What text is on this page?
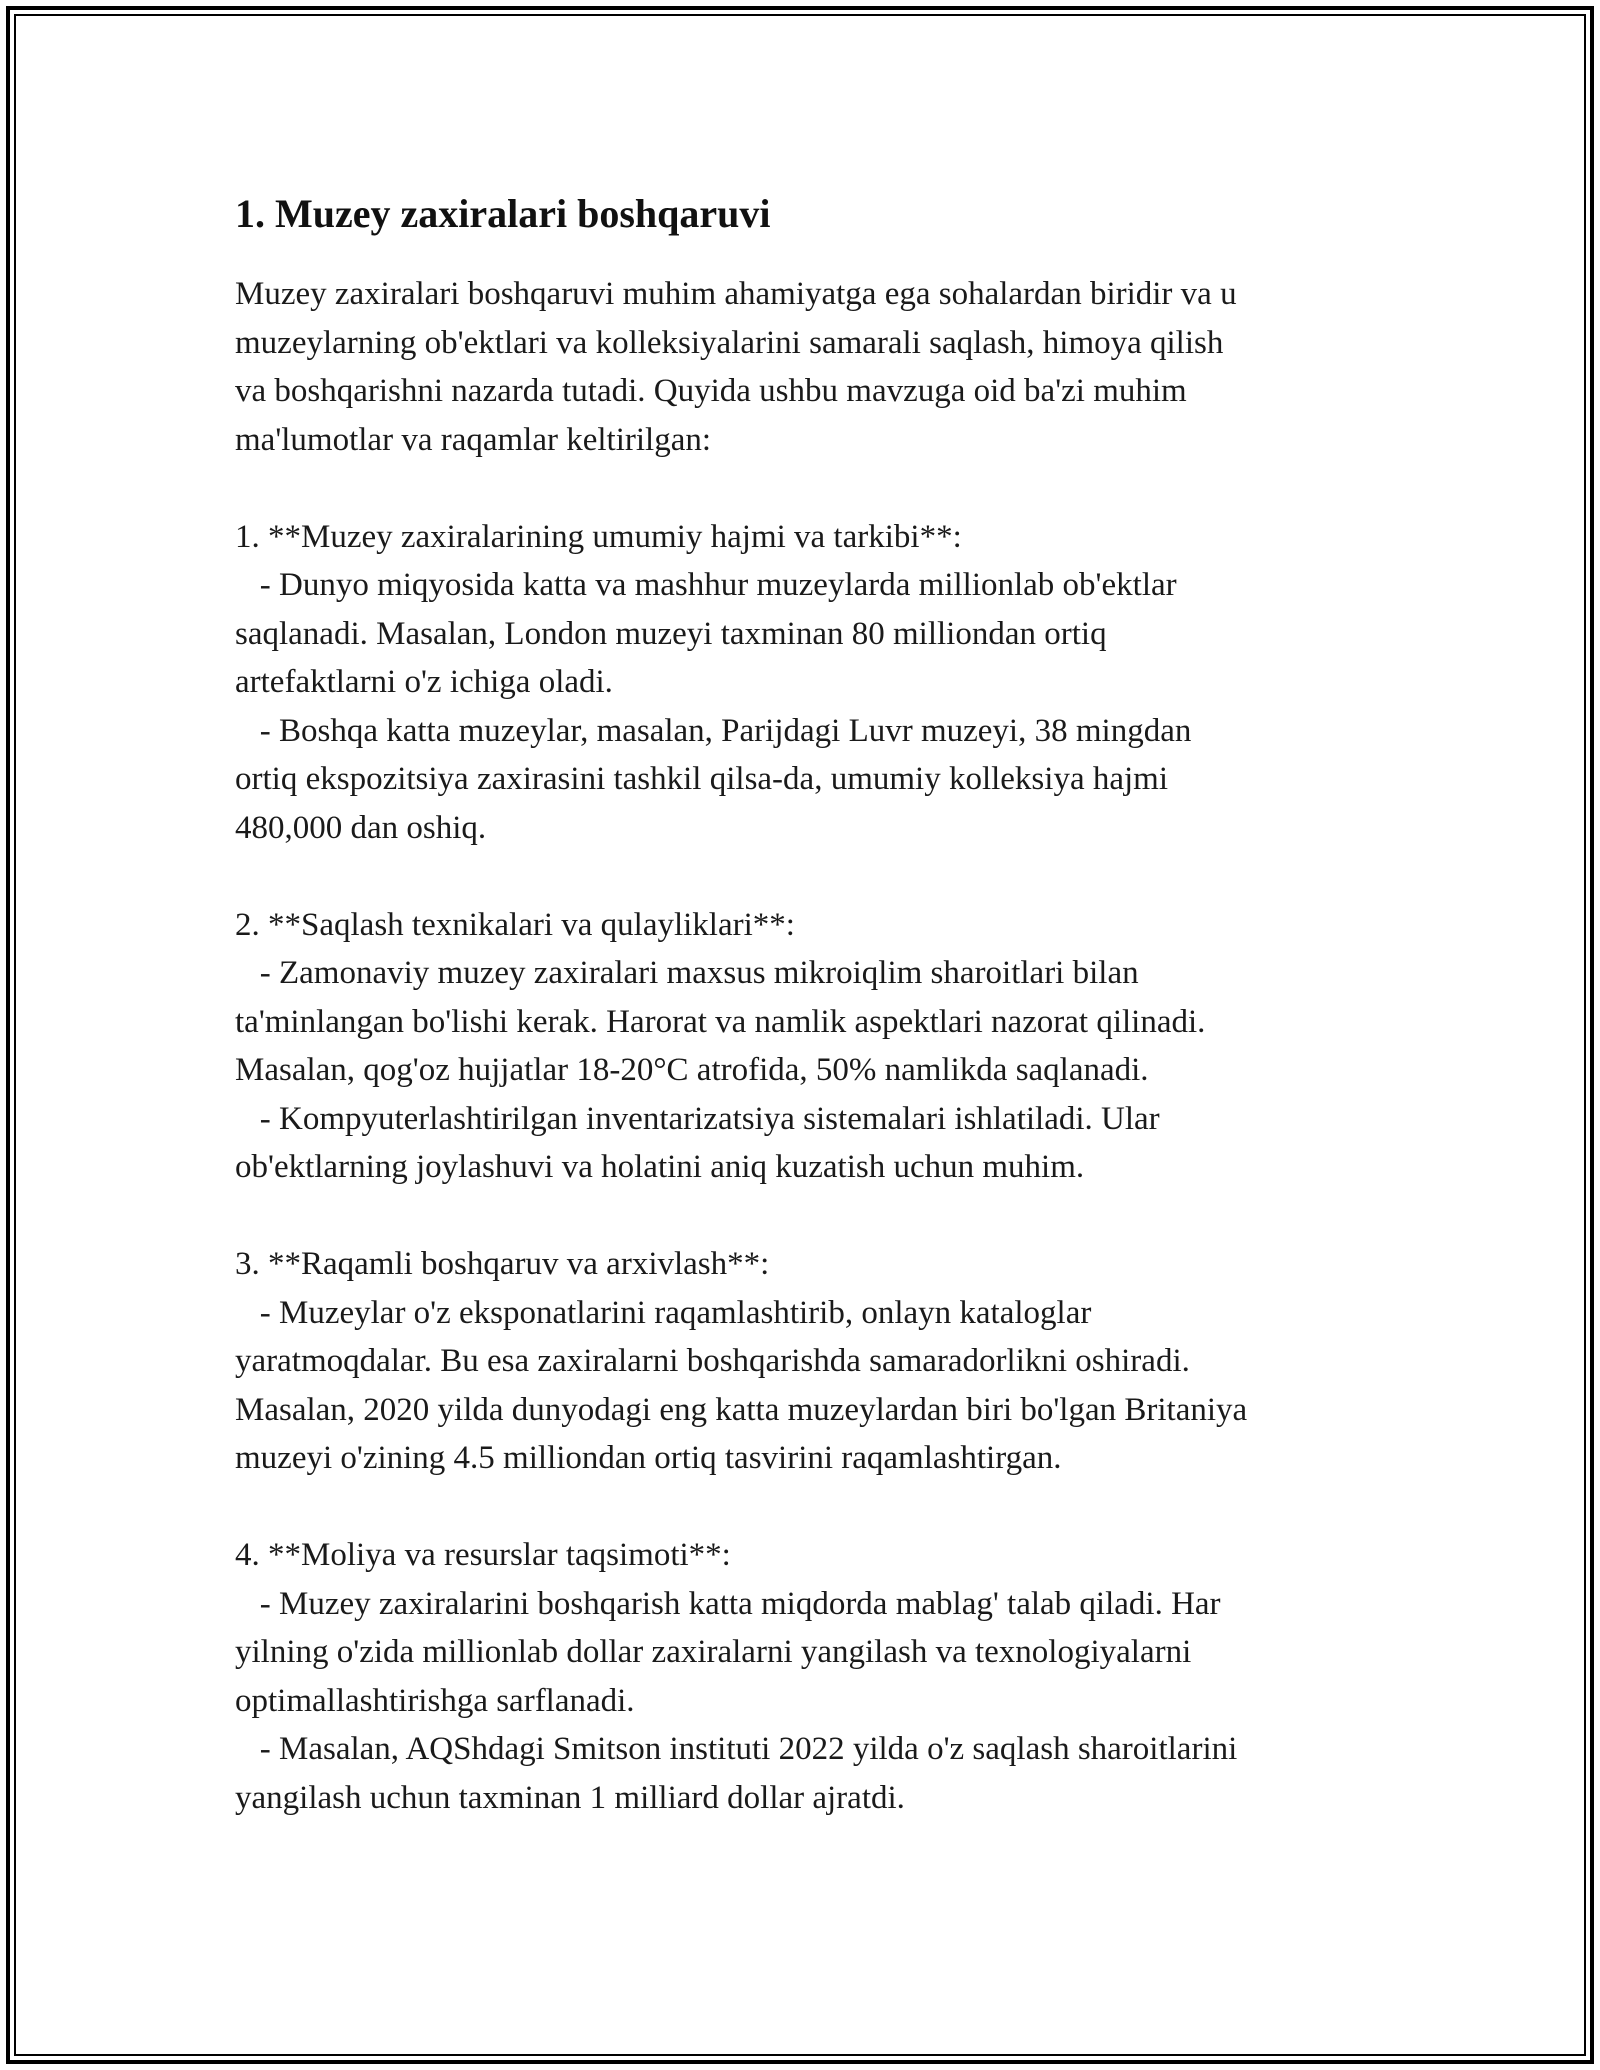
1. Muzey zaxiralari boshqaruvi

Muzey zaxiralari boshqaruvi muhim ahamiyatga ega sohalardan biridir va u
muzeylarning ob'ektlari va kolleksiyalarini samarali saqlash, himoya qilish
va boshqarishni nazarda tutadi. Quyida ushbu mavzuga oid ba'zi muhim
ma'lumotlar va raqamlar keltirilgan:

1. **Muzey zaxiralarining umumiy hajmi va tarkibi**:
- Dunyo miqyosida katta va mashhur muzeylarda millionlab ob'ektlar
saqlanadi. Masalan, London muzeyi taxminan 80 milliondan ortiq
artefaktlarni o'z ichiga oladi.
- Boshqa katta muzeylar, masalan, Parijdagi Luvr muzeyi, 38 mingdan
ortiq ekspozitsiya zaxirasini tashkil qilsa-da, umumiy kolleksiya hajmi
480,000 dan oshiq.

2. **Saqlash texnikalari va qulayliklari**:
- Zamonaviy muzey zaxiralari maxsus mikroiqlim sharoitlari bilan
ta'minlangan bo'lishi kerak. Harorat va namlik aspektlari nazorat qilinadi.
Masalan, qog'oz hujjatlar 18-20°C atrofida, 50% namlikda saqlanadi.
- Kompyuterlashtirilgan inventarizatsiya sistemalari ishlatiladi. Ular
ob'ektlarning joylashuvi va holatini aniq kuzatish uchun muhim.

3. **Raqamli boshqaruv va arxivlash**:
- Muzeylar o'z eksponatlarini raqamlashtirib, onlayn kataloglar
yaratmoqdalar. Bu esa zaxiralarni boshqarishda samaradorlikni oshiradi.
Masalan, 2020 yilda dunyodagi eng katta muzeylardan biri bo'lgan Britaniya
muzeyi o'zining 4.5 milliondan ortiq tasvirini raqamlashtirgan.

4. **Moliya va resurslar taqsimoti**:
- Muzey zaxiralarini boshqarish katta miqdorda mablag' talab qiladi. Har
yilning o'zida millionlab dollar zaxiralarni yangilash va texnologiyalarni
optimallashtirishga sarflanadi.
- Masalan, AQShdagi Smitson instituti 2022 yilda o'z saqlash sharoitlarini
yangilash uchun taxminan 1 milliard dollar ajratdi.
